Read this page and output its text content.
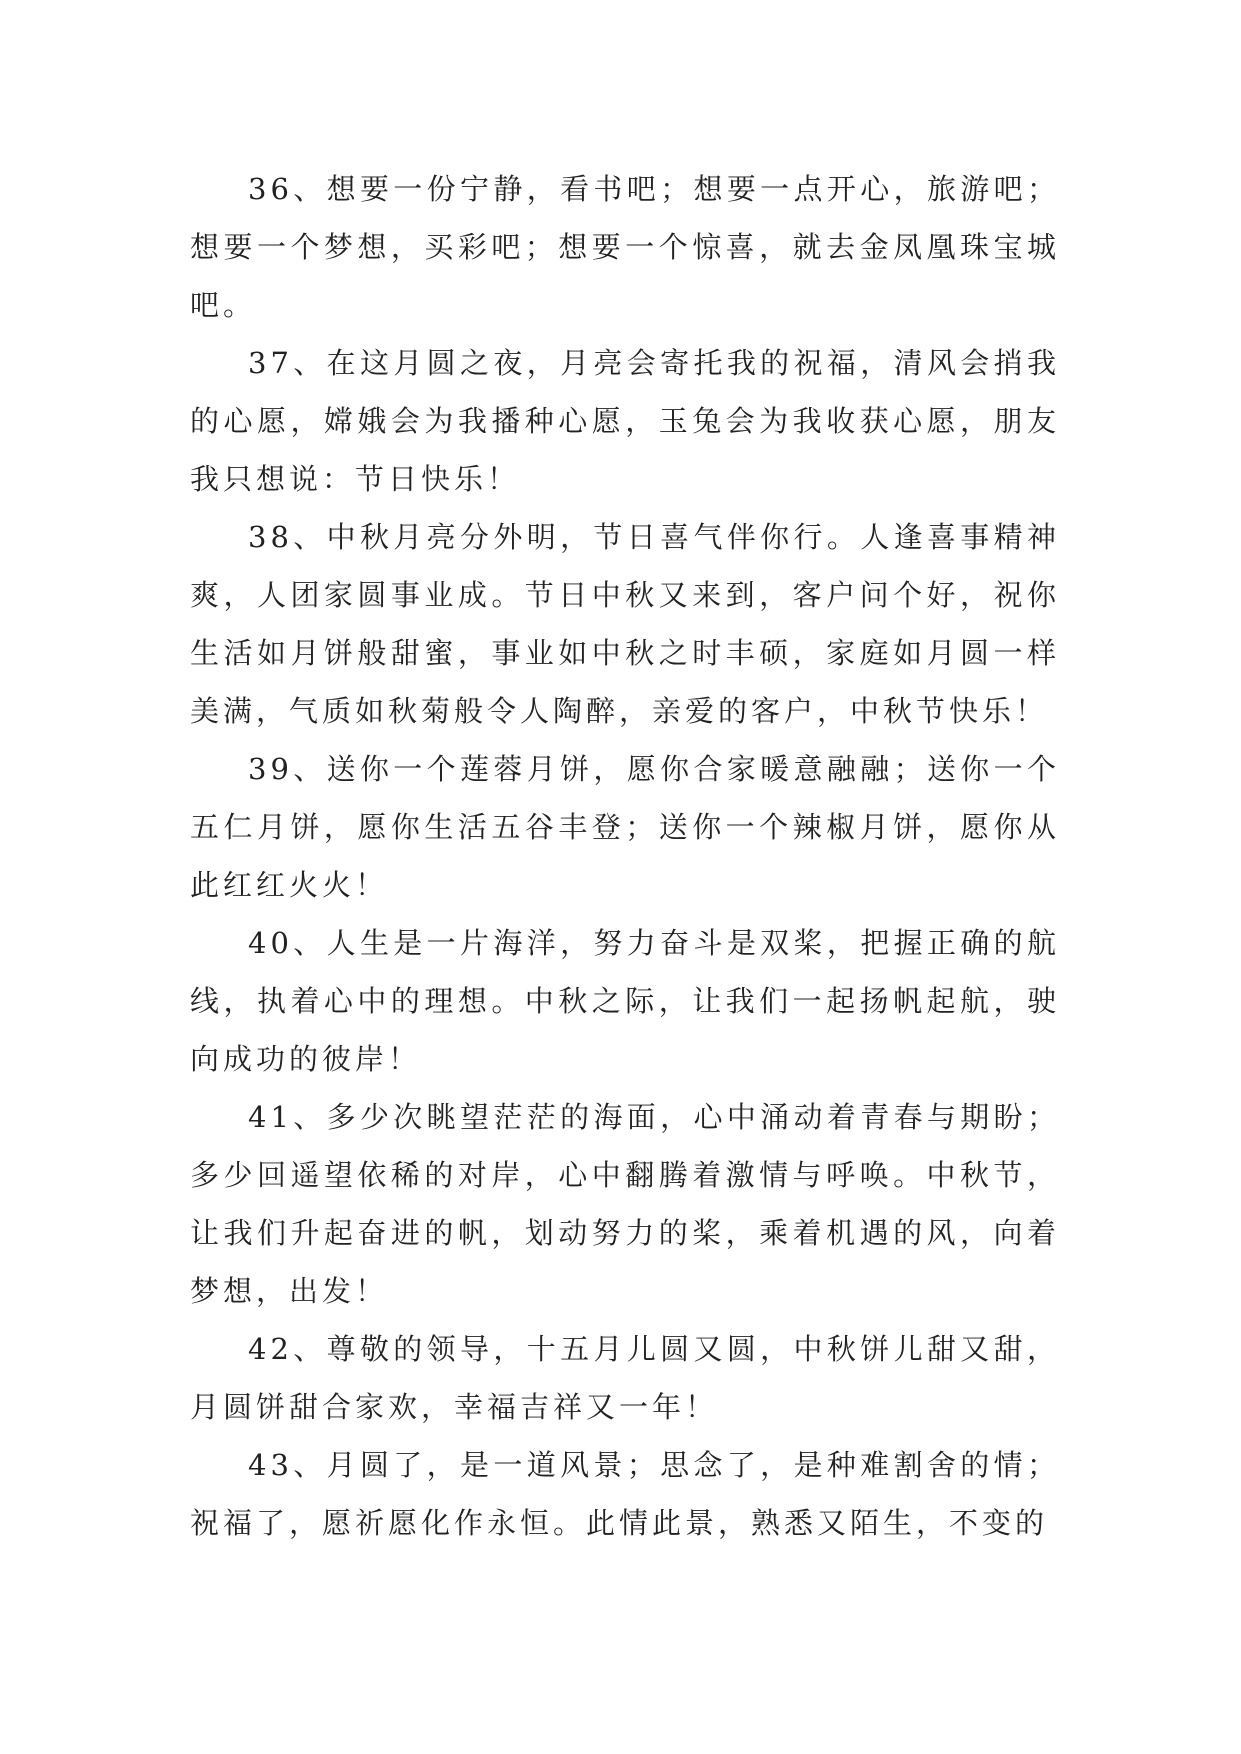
36、想要一份宁静，看书吧；想要一点开心，旅游吧；想要一个梦想，买彩吧；想要一个惊喜，就去金凤凰珠宝城吧。

37、在这月圆之夜，月亮会寄托我的祝福，清风会捎我的心愿，嫦娥会为我播种心愿，玉兔会为我收获心愿，朋友我只想说：节日快乐！

38、中秋月亮分外明，节日喜气伴你行。人逢喜事精神爽，人团家圆事业成。节日中秋又来到，客户问个好，祝你生活如月饼般甜蜜，事业如中秋之时丰硕，家庭如月圆一样美满，气质如秋菊般令人陶醉，亲爱的客户，中秋节快乐！

39、送你一个莲蓉月饼，愿你合家暖意融融；送你一个五仁月饼，愿你生活五谷丰登；送你一个辣椒月饼，愿你从此红红火火！

40、人生是一片海洋，努力奋斗是双桨，把握正确的航线，执着心中的理想。中秋之际，让我们一起扬帆起航，驶向成功的彼岸！

41、多少次眺望茫茫的海面，心中涌动着青春与期盼；多少回遥望依稀的对岸，心中翻腾着激情与呼唤。中秋节，让我们升起奋进的帆，划动努力的桨，乘着机遇的风，向着梦想，出发！

42、尊敬的领导，十五月儿圆又圆，中秋饼儿甜又甜，月圆饼甜合家欢，幸福吉祥又一年！

43、月圆了，是一道风景；思念了，是种难割舍的情；祝福了，愿祈愿化作永恒。此情此景，熟悉又陌生，不变的
